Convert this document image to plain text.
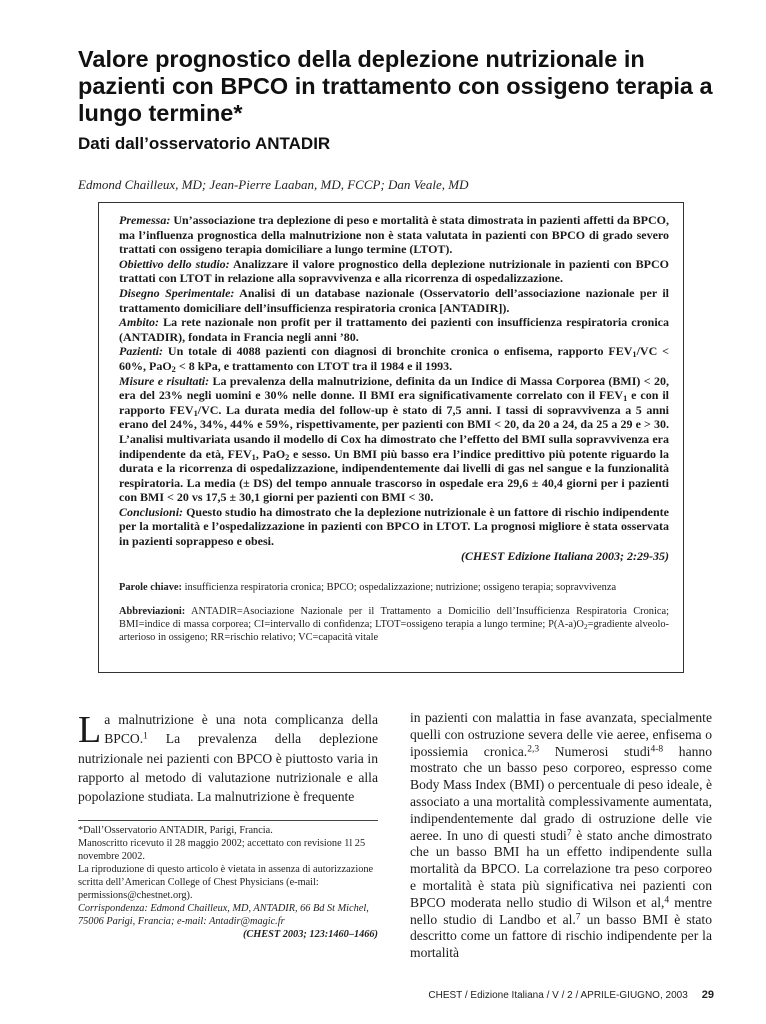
Valore prognostico della deplezione nutrizionale in pazienti con BPCO in trattamento con ossigeno terapia a lungo termine*
Dati dall’osservatorio ANTADIR
Edmond Chailleux, MD; Jean-Pierre Laaban, MD, FCCP; Dan Veale, MD

Premessa: Un’associazione tra deplezione di peso e mortalità è stata dimostrata in pazienti affetti da BPCO, ma l’influenza prognostica della malnutrizione non è stata valutata in pazienti con BPCO di grado severo trattati con ossigeno terapia domiciliare a lungo termine (LTOT).

Obiettivo dello studio: Analizzare il valore prognostico della deplezione nutrizionale in pazienti con BPCO trattati con LTOT in relazione alla sopravvivenza e alla ricorrenza di ospedalizzazione.

Disegno Sperimentale: Analisi di un database nazionale (Osservatorio dell’associazione nazionale per il trattamento domiciliare dell’insufficienza respiratoria cronica [ANTADIR]).

Ambito: La rete nazionale non profit per il trattamento dei pazienti con insufficienza respiratoria cronica (ANTADIR), fondata in Francia negli anni ’80.

Pazienti: Un totale di 4088 pazienti con diagnosi di bronchite cronica o enfisema, rapporto $FEV_1/VC < 60\%$, PaO$_2$ < 8 kPa, e trattamento con LTOT tra il 1984 e il 1993.

Misure e risultati: La prevalenza della malnutrizione, definita da un Indice di Massa Corporea (BMI) < 20, era del 23% negli uomini e 30% nelle donne. Il BMI era significativamente correlato con il $FEV_1$ e con il rapporto $FEV_1/VC$. La durata media del follow-up è stato di 7,5 anni. I tassi di sopravvivenza a 5 anni erano del 24%, 34%, 44% e 59%, rispettivamente, per pazienti con BMI < 20, da 20 a 24, da 25 a 29 e > 30. L’analisi multivariata usando il modello di Cox ha dimostrato che l’effetto del BMI sulla sopravvivenza era indipendente da età, $FEV_1$, PaO$_2$ e sesso. Un BMI più basso era l’indice predittivo più potente riguardo la durata e la ricorrenza di ospedalizzazione, indipendentemente dai livelli di gas nel sangue e la funzionalità respiratoria. La media (± DS) del tempo annuale trascorso in ospedale era 29,6 ± 40,4 giorni per i pazienti con BMI < 20 vs 17,5 ± 30,1 giorni per pazienti con BMI < 30.

Conclusioni: Questo studio ha dimostrato che la deplezione nutrizionale è un fattore di rischio indipendente per la mortalità e l’ospedalizzazione in pazienti con BPCO in LTOT. La prognosi migliore è stata osservata in pazienti soprappeso e obesi.

(CHEST Edizione Italiana 2003; 2:29-35)
Parole chiave: insufficienza respiratoria cronica; BPCO; ospedalizzazione; nutrizione; ossigeno terapia; sopravvivenza
Abbreviazioni: ANTADIR=Asociazione Nazionale per il Trattamento a Domicilio dell’Insufficienza Respiratoria Cronica; BMI=indice di massa corporea; CI=intervallo di confidenza; LTOT=ossigeno terapia a lungo termine; $P(A-a)O_2=gradiente$ alveolo-arterioso in ossigeno; RR=rischio relativo; VC=capacità vitale

La malnutrizione è una nota complicanza della BPCO.$^1$ La prevalenza della deplezione nutrizionale nei pazienti con BPCO è piuttosto varia in rapporto al metodo di valutazione nutrizionale e alla popolazione studiata. La malnutrizione è frequente

*Dall’Osservatorio ANTADIR, Parigi, Francia.

Manoscritto ricevuto il 28 maggio 2002; accettato con revisione 1l 25 novembre 2002.

La riproduzione di questo articolo è vietata in assenza di autorizzazione scritta dell’American College of Chest Physicians (e-mail: permissions@chestnet.org).

Corrispondenza: Edmond Chailleux, MD, ANTADIR, 66 Bd St Michel, 75006 Parigi, Francia; e-mail: Antadir@magic.fr

(CHEST 2003; 123:1460–1466)

in pazienti con malattia in fase avanzata, specialmente quelli con ostruzione severa delle vie aeree, enfisema o ipossiemia cronica.$^{2,3}$ Numerosi studi$^{4-8}$ hanno mostrato che un basso peso corporeo, espresso come Body Mass Index (BMI) o percentuale di peso ideale, è associato a una mortalità complessivamente aumentata, indipendentemente dal grado di ostruzione delle vie aeree. In uno di questi studi$^7$ è stato anche dimostrato che un basso BMI ha un effetto indipendente sulla mortalità da BPCO. La correlazione tra peso corporeo e mortalità è stata più significativa nei pazienti con BPCO moderata nello studio di Wilson et al,$^4$ mentre nello studio di Landbo et al.$^7$ un basso BMI è stato descritto come un fattore di rischio indipendente per la mortalità

CHEST / Edizione Italiana / V / 2 / APRILE-GIUGNO, 2003 29
